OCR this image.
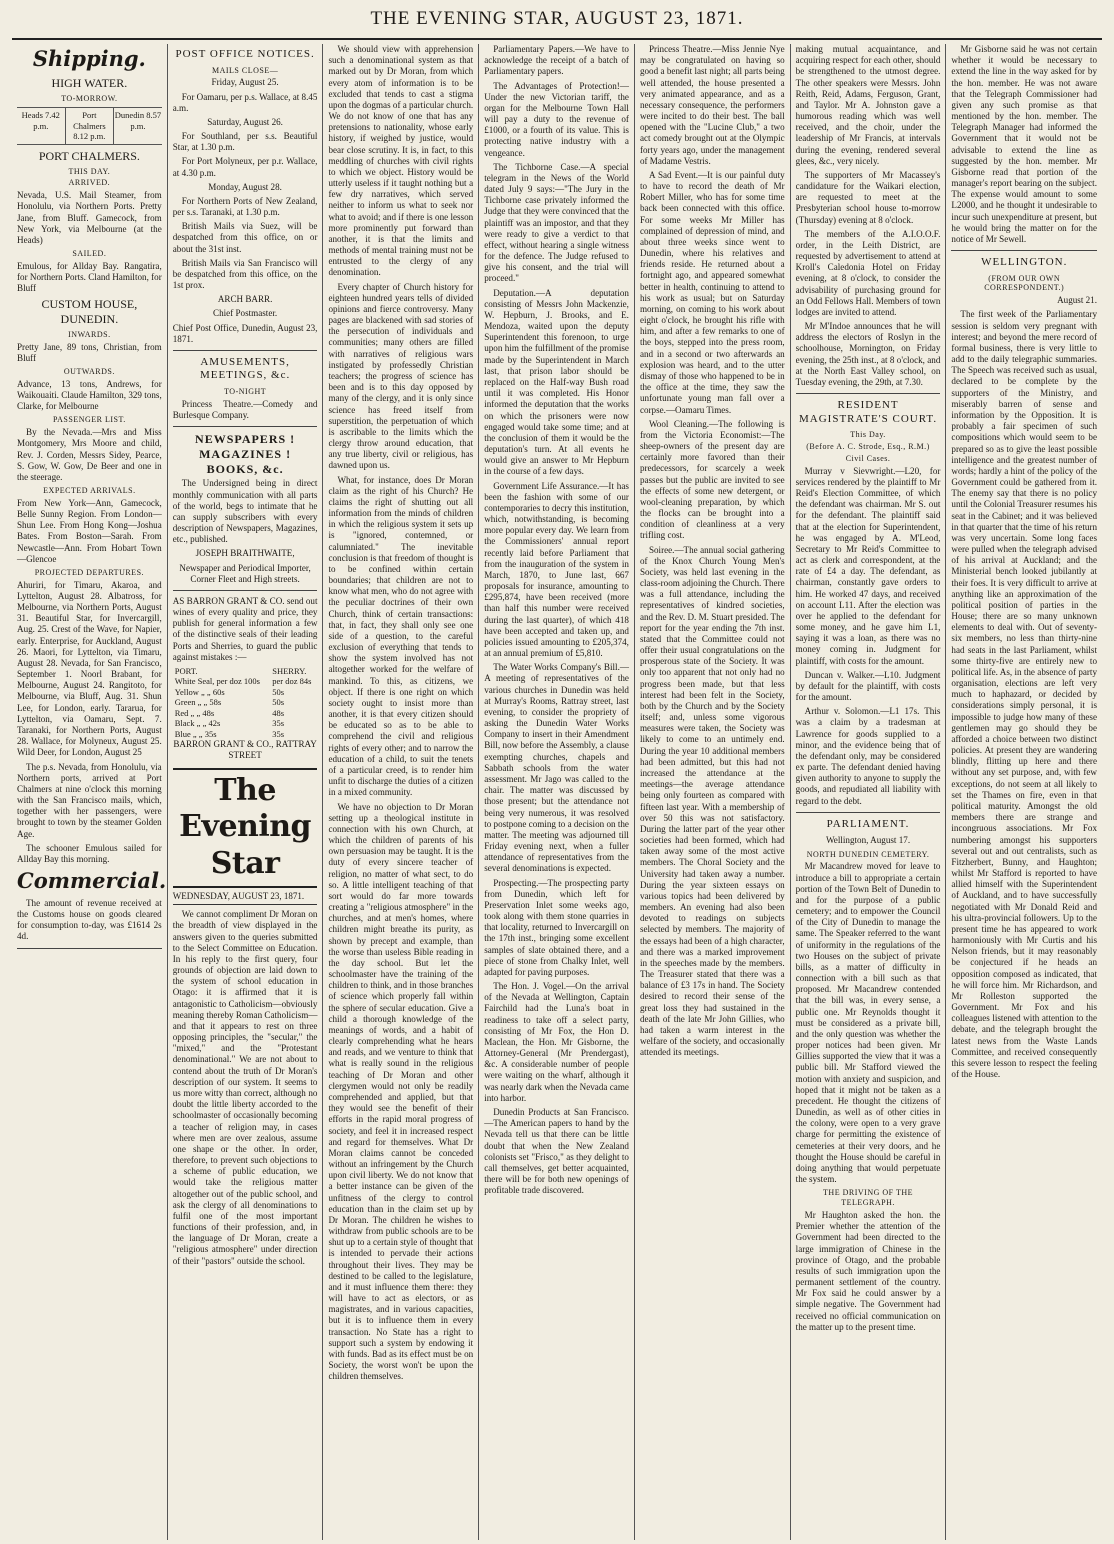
THE EVENING STAR, AUGUST 23, 1871.
Shipping.
HIGH WATER.
TO-MORROW.
Heads 7.42 p.m.
Port Chalmers 8.12 p.m.
Dunedin 8.57 p.m.
PORT CHALMERS.
THIS DAY.
ARRIVED.

Nevada, U.S. Mail Steamer, from Honolulu, via Northern Ports. Pretty Jane, from Bluff. Gamecock, from New York, via Melbourne (at the Heads)

SAILED.

Emulous, for Allday Bay. Rangatira, for Northern Ports. Cland Hamilton, for Bluff

CUSTOM HOUSE, DUNEDIN.
INWARDS.

Pretty Jane, 89 tons, Christian, from Bluff

OUTWARDS.

Advance, 13 tons, Andrews, for Waikouaiti. Claude Hamilton, 329 tons, Clarke, for Melbourne

PASSENGER LIST.

By the Nevada.—Mrs and Miss Montgomery, Mrs Moore and child, Rev. J. Corden, Messrs Sidey, Pearce, S. Gow, W. Gow, De Beer and one in the steerage.

EXPECTED ARRIVALS.

From New York—Ann, Gamecock, Belle Sunny Region. From London—Shun Lee. From Hong Kong—Joshua Bates. From Boston—Sarah. From Newcastle—Ann. From Hobart Town—Glencoe

PROJECTED DEPARTURES.

Ahuriri, for Timaru, Akaroa, and Lyttelton, August 28. Albatross, for Melbourne, via Northern Ports, August 31. Beautiful Star, for Invercargill, Aug. 25. Crest of the Wave, for Napier, early. Enterprise, for Auckland, August 26. Maori, for Lyttelton, via Timaru, August 28. Nevada, for San Francisco, September 1. Noorl Brabant, for Melbourne, August 24. Rangitoto, for Melbourne, via Bluff, Aug. 31. Shun Lee, for London, early. Tararua, for Lyttelton, via Oamaru, Sept. 7. Taranaki, for Northern Ports, August 28. Wallace, for Molyneux, August 25. Wild Deer, for London, August 25

The p.s. Nevada, from Honolulu, via Northern ports, arrived at Port Chalmers at nine o'clock this morning with the San Francisco mails, which, together with her passengers, were brought to town by the steamer Golden Age.

The schooner Emulous sailed for Allday Bay this morning.

Commercial.

The amount of revenue received at the Customs house on goods cleared for consumption to-day, was £1614 2s 4d.

POST OFFICE NOTICES.
MAILS CLOSE—

Friday, August 25.

For Oamaru, per p.s. Wallace, at 8.45 a.m.

Saturday, August 26.

For Southland, per s.s. Beautiful Star, at 1.30 p.m.

For Port Molyneux, per p.r. Wallace, at 4.30 p.m.

Monday, August 28.

For Northern Ports of New Zealand, per s.s. Taranaki, at 1.30 p.m.

British Mails via Suez, will be despatched from this office, on or about the 31st inst.

British Mails via San Francisco will be despatched from this office, on the 1st prox.

ARCH BARR.

Chief Postmaster.

Chief Post Office, Dunedin, August 23, 1871.

AMUSEMENTS, MEETINGS, &c.
TO-NIGHT

Princess Theatre.—Comedy and Burlesque Company.

NEWSPAPERS ! MAGAZINES ! BOOKS, &c.

The Undersigned being in direct monthly communication with all parts of the world, begs to intimate that he can supply subscribers with every description of Newspapers, Magazines, etc., published.

JOSEPH BRAITHWAITE,

Newspaper and Periodical Importer, Corner Fleet and High streets.

AS BARRON GRANT & CO. send out wines of every quality and price, they publish for general information a few of the distinctive seals of their leading Ports and Sherries, to guard the public against mistakes :—

PORT.	SHERRY.
White Seal, per doz 100s	per doz 84s
Yellow „ „ 60s	50s
Green „ „ 58s	50s
Red „ „ 48s	48s
Black „ „ 42s	35s
Blue „ „ 35s	35s

BARRON GRANT & CO., RATTRAY STREET

The Evening Star
WEDNESDAY, AUGUST 23, 1871.

We cannot compliment Dr Moran on the breadth of view displayed in the answers given to the queries submitted to the Select Committee on Education. In his reply to the first query, four grounds of objection are laid down to the system of school education in Otago: it is affirmed that it is antagonistic to Catholicism—obviously meaning thereby Roman Catholicism—and that it appears to rest on three opposing principles, the "secular," the "mixed," and the "Protestant denominational." We are not about to contend about the truth of Dr Moran's description of our system. It seems to us more witty than correct, although no doubt the little liberty accorded to the schoolmaster of occasionally becoming a teacher of religion may, in cases where men are over zealous, assume one shape or the other. In order, therefore, to prevent such objections to a scheme of public education, we would take the religious matter altogether out of the public school, and ask the clergy of all denominations to fulfil one of the most important functions of their profession, and, in the language of Dr Moran, create a "religious atmosphere" under direction of their "pastors" outside the school.

We should view with apprehension such a denominational system as that marked out by Dr Moran, from which every atom of information is to be excluded that tends to cast a stigma upon the dogmas of a particular church. We do not know of one that has any pretensions to nationality, whose early history, if weighed by justice, would bear close scrutiny. It is, in fact, to this meddling of churches with civil rights to which we object. History would be utterly useless if it taught nothing but a few dry narratives, which served neither to inform us what to seek nor what to avoid; and if there is one lesson more prominently put forward than another, it is that the limits and methods of mental training must not be entrusted to the clergy of any denomination.

Every chapter of Church history for eighteen hundred years tells of divided opinions and fierce controversy. Many pages are blackened with sad stories of the persecution of individuals and communities; many others are filled with narratives of religious wars instigated by professedly Christian teachers; the progress of science has been and is to this day opposed by many of the clergy, and it is only since science has freed itself from superstition, the perpetuation of which is ascribable to the limits which the clergy throw around education, that any true liberty, civil or religious, has dawned upon us.

What, for instance, does Dr Moran claim as the right of his Church? He claims the right of shutting out all information from the minds of children in which the religious system it sets up is "ignored, contemned, or calumniated." The inevitable conclusion is that freedom of thought is to be confined within certain boundaries; that children are not to know what men, who do not agree with the peculiar doctrines of their own Church, think of certain transactions: that, in fact, they shall only see one side of a question, to the careful exclusion of everything that tends to show the system involved has not altogether worked for the welfare of mankind. To this, as citizens, we object. If there is one right on which society ought to insist more than another, it is that every citizen should be educated so as to be able to comprehend the civil and religious rights of every other; and to narrow the education of a child, to suit the tenets of a particular creed, is to render him unfit to discharge the duties of a citizen in a mixed community.

We have no objection to Dr Moran setting up a theological institute in connection with his own Church, at which the children of parents of his own persuasion may be taught. It is the duty of every sincere teacher of religion, no matter of what sect, to do so. A little intelligent teaching of that sort would do far more towards creating a "religious atmosphere" in the churches, and at men's homes, where children might breathe its purity, as shown by precept and example, than the worse than useless Bible reading in the day school. But let the schoolmaster have the training of the children to think, and in those branches of science which properly fall within the sphere of secular education. Give a child a thorough knowledge of the meanings of words, and a habit of clearly comprehending what he hears and reads, and we venture to think that what is really sound in the religious teaching of Dr Moran and other clergymen would not only be readily comprehended and applied, but that they would see the benefit of their efforts in the rapid moral progress of society, and feel it in increased respect and regard for themselves. What Dr Moran claims cannot be conceded without an infringement by the Church upon civil liberty. We do not know that a better instance can be given of the unfitness of the clergy to control education than in the claim set up by Dr Moran. The children he wishes to withdraw from public schools are to be shut up to a certain style of thought that is intended to pervade their actions throughout their lives. They may be destined to be called to the legislature, and it must influence them there: they will have to act as electors, or as magistrates, and in various capacities, but it is to influence them in every transaction. No State has a right to support such a system by endowing it with funds. Bad as its effect must be on Society, the worst won't be upon the children themselves.

Parliamentary Papers.—We have to acknowledge the receipt of a batch of Parliamentary papers.

The Advantages of Protection!—Under the new Victorian tariff, the organ for the Melbourne Town Hall will pay a duty to the revenue of £1000, or a fourth of its value. This is protecting native industry with a vengeance.

The Tichborne Case.—A special telegram in the News of the World dated July 9 says:—"The Jury in the Tichborne case privately informed the Judge that they were convinced that the plaintiff was an impostor, and that they were ready to give a verdict to that effect, without hearing a single witness for the defence. The Judge refused to give his consent, and the trial will proceed."

Deputation.—A deputation consisting of Messrs John Mackenzie, W. Hepburn, J. Brooks, and E. Mendoza, waited upon the deputy Superintendent this forenoon, to urge upon him the fulfillment of the promise made by the Superintendent in March last, that prison labor should be replaced on the Half-way Bush road until it was completed. His Honor informed the deputation that the works on which the prisoners were now engaged would take some time; and at the conclusion of them it would be the deputation's turn. At all events he would give an answer to Mr Hepburn in the course of a few days.

Government Life Assurance.—It has been the fashion with some of our contemporaries to decry this institution, which, notwithstanding, is becoming more popular every day. We learn from the Commissioners' annual report recently laid before Parliament that from the inauguration of the system in March, 1870, to June last, 667 proposals for insurance, amounting to £295,874, have been received (more than half this number were received during the last quarter), of which 418 have been accepted and taken up, and policies issued amounting to £205,374, at an annual premium of £5,810.

The Water Works Company's Bill.—A meeting of representatives of the various churches in Dunedin was held at Murray's Rooms, Rattray street, last evening, to consider the propriety of asking the Dunedin Water Works Company to insert in their Amendment Bill, now before the Assembly, a clause exempting churches, chapels and Sabbath schools from the water assessment. Mr Jago was called to the chair. The matter was discussed by those present; but the attendance not being very numerous, it was resolved to postpone coming to a decision on the matter. The meeting was adjourned till Friday evening next, when a fuller attendance of representatives from the several denominations is expected.

Prospecting.—The prospecting party from Dunedin, which left for Preservation Inlet some weeks ago, took along with them stone quarries in that locality, returned to Invercargill on the 17th inst., bringing some excellent samples of slate obtained there, and a piece of stone from Chalky Inlet, well adapted for paving purposes.

The Hon. J. Vogel.—On the arrival of the Nevada at Wellington, Captain Fairchild had the Luna's boat in readiness to take off a select party, consisting of Mr Fox, the Hon D. Maclean, the Hon. Mr Gisborne, the Attorney-General (Mr Prendergast), &c. A considerable number of people were waiting on the wharf, although it was nearly dark when the Nevada came into harbor.

Dunedin Products at San Francisco.—The American papers to hand by the Nevada tell us that there can be little doubt that when the New Zealand colonists set "Frisco," as they delight to call themselves, get better acquainted, there will be for both new openings of profitable trade discovered.

Princess Theatre.—Miss Jennie Nye may be congratulated on having so good a benefit last night; all parts being well attended, the house presented a very animated appearance, and as a necessary consequence, the performers were incited to do their best. The ball opened with the "Lucine Club," a two act comedy brought out at the Olympic forty years ago, under the management of Madame Vestris.

A Sad Event.—It is our painful duty to have to record the death of Mr Robert Miller, who has for some time back been connected with this office. For some weeks Mr Miller has complained of depression of mind, and about three weeks since went to Dunedin, where his relatives and friends reside. He returned about a fortnight ago, and appeared somewhat better in health, continuing to attend to his work as usual; but on Saturday morning, on coming to his work about eight o'clock, he brought his rifle with him, and after a few remarks to one of the boys, stepped into the press room, and in a second or two afterwards an explosion was heard, and to the utter dismay of those who happened to be in the office at the time, they saw the unfortunate young man fall over a corpse.—Oamaru Times.

Wool Cleaning.—The following is from the Victoria Economist:—The sheep-owners of the present day are certainly more favored than their predecessors, for scarcely a week passes but the public are invited to see the effects of some new detergent, or wool-cleaning preparation, by which the flocks can be brought into a condition of cleanliness at a very trifling cost.

Soiree.—The annual social gathering of the Knox Church Young Men's Society, was held last evening in the class-room adjoining the Church. There was a full attendance, including the representatives of kindred societies, and the Rev. D. M. Stuart presided. The report for the year ending the 7th inst. stated that the Committee could not offer their usual congratulations on the prosperous state of the Society. It was only too apparent that not only had no progress been made, but that less interest had been felt in the Society, both by the Church and by the Society itself; and, unless some vigorous measures were taken, the Society was likely to come to an untimely end. During the year 10 additional members had been admitted, but this had not increased the attendance at the meetings—the average attendance being only fourteen as compared with fifteen last year. With a membership of over 50 this was not satisfactory. During the latter part of the year other societies had been formed, which had taken away some of the most active members. The Choral Society and the University had taken away a number. During the year sixteen essays on various topics had been delivered by members. An evening had also been devoted to readings on subjects selected by members. The majority of the essays had been of a high character, and there was a marked improvement in the speeches made by the members. The Treasurer stated that there was a balance of £3 17s in hand. The Society desired to record their sense of the great loss they had sustained in the death of the late Mr John Gillies, who had taken a warm interest in the welfare of the society, and occasionally attended its meetings.

making mutual acquaintance, and acquiring respect for each other, should be strengthened to the utmost degree. The other speakers were Messrs. John Reith, Reid, Adams, Ferguson, Grant, and Taylor. Mr A. Johnston gave a humorous reading which was well received, and the choir, under the leadership of Mr Francis, at intervals during the evening, rendered several glees, &c., very nicely.

The supporters of Mr Macassey's candidature for the Waikari election, are requested to meet at the Presbyterian school house to-morrow (Thursday) evening at 8 o'clock.

The members of the A.I.O.O.F. order, in the Leith District, are requested by advertisement to attend at Kroll's Caledonia Hotel on Friday evening, at 8 o'clock, to consider the advisability of purchasing ground for an Odd Fellows Hall. Members of town lodges are invited to attend.

Mr M'Indoe announces that he will address the electors of Roslyn in the schoolhouse, Mornington, on Friday evening, the 25th inst., at 8 o'clock, and at the North East Valley school, on Tuesday evening, the 29th, at 7.30.

RESIDENT MAGISTRATE'S COURT.
This Day.
(Before A. C. Strode, Esq., R.M.)
Civil Cases.

Murray v Sievwright.—L20, for services rendered by the plaintiff to Mr Reid's Election Committee, of which the defendant was chairman. Mr S. out for the defendant. The plaintiff said that at the election for Superintendent, he was engaged by A. M'Leod, Secretary to Mr Reid's Committee to act as clerk and correspondent, at the rate of £4 a day. The defendant, as chairman, constantly gave orders to him. He worked 47 days, and received on account L11. After the election was over he applied to the defendant for some money, and he gave him L1, saying it was a loan, as there was no money coming in. Judgment for plaintiff, with costs for the amount.

Duncan v. Walker.—L10. Judgment by default for the plaintiff, with costs for the amount.

Arthur v. Solomon.—L1 17s. This was a claim by a tradesman at Lawrence for goods supplied to a minor, and the evidence being that of the defendant only, may be considered ex parte. The defendant denied having given authority to anyone to supply the goods, and repudiated all liability with regard to the debt.

PARLIAMENT.

Wellington, August 17.

NORTH DUNEDIN CEMETERY.

Mr Macandrew moved for leave to introduce a bill to appropriate a certain portion of the Town Belt of Dunedin to and for the purpose of a public cemetery; and to empower the Council of the City of Dunedin to manage the same. The Speaker referred to the want of uniformity in the regulations of the two Houses on the subject of private bills, as a matter of difficulty in connection with a bill such as that proposed. Mr Macandrew contended that the bill was, in every sense, a public one. Mr Reynolds thought it must be considered as a private bill, and the only question was whether the proper notices had been given. Mr Gillies supported the view that it was a public bill. Mr Stafford viewed the motion with anxiety and suspicion, and hoped that it might not be taken as a precedent. He thought the citizens of Dunedin, as well as of other cities in the colony, were open to a very grave charge for permitting the existence of cemeteries at their very doors, and he thought the House should be careful in doing anything that would perpetuate the system.

THE DRIVING OF THE TELEGRAPH.

Mr Haughton asked the hon. the Premier whether the attention of the Government had been directed to the large immigration of Chinese in the province of Otago, and the probable results of such immigration upon the permanent settlement of the country. Mr Fox said he could answer by a simple negative. The Government had received no official communication on the matter up to the present time.

Mr Gisborne said he was not certain whether it would be necessary to extend the line in the way asked for by the hon. member. He was not aware that the Telegraph Commissioner had given any such promise as that mentioned by the hon. member. The Telegraph Manager had informed the Government that it would not be advisable to extend the line as suggested by the hon. member. Mr Gisborne read that portion of the manager's report bearing on the subject. The expense would amount to some L2000, and he thought it undesirable to incur such unexpenditure at present, but he would bring the matter on for the notice of Mr Sewell.

WELLINGTON.
(FROM OUR OWN CORRESPONDENT.)

August 21.

The first week of the Parliamentary session is seldom very pregnant with interest; and beyond the mere record of formal business, there is very little to add to the daily telegraphic summaries. The Speech was received such as usual, declared to be complete by the supporters of the Ministry, and miserably barren of sense and information by the Opposition. It is probably a fair specimen of such compositions which would seem to be prepared so as to give the least possible intelligence and the greatest number of words; hardly a hint of the policy of the Government could be gathered from it. The enemy say that there is no policy until the Colonial Treasurer resumes his seat in the Cabinet; and it was believed in that quarter that the time of his return was very uncertain. Some long faces were pulled when the telegraph advised of his arrival at Auckland; and the Ministerial bench looked jubilantly at their foes. It is very difficult to arrive at anything like an approximation of the political position of parties in the House; there are so many unknown elements to deal with. Out of seventy-six members, no less than thirty-nine had seats in the last Parliament, whilst some thirty-five are entirely new to political life. As, in the absence of party organisation, elections are left very much to haphazard, or decided by considerations simply personal, it is impossible to judge how many of these gentlemen may go should they be afforded a choice between two distinct policies. At present they are wandering blindly, flitting up here and there without any set purpose, and, with few exceptions, do not seem at all likely to set the Thames on fire, even in that political maturity. Amongst the old members there are strange and incongruous associations. Mr Fox numbering amongst his supporters several out and out centralists, such as Fitzherbert, Bunny, and Haughton; whilst Mr Stafford is reported to have allied himself with the Superintendent of Auckland, and to have successfully negotiated with Mr Donald Reid and his ultra-provincial followers. Up to the present time he has appeared to work harmoniously with Mr Curtis and his Nelson friends, but it may reasonably be conjectured if he heads an opposition composed as indicated, that he will force him. Mr Richardson, and Mr Rolleston supported the Government. Mr Fox and his colleagues listened with attention to the debate, and the telegraph brought the latest news from the Waste Lands Committee, and received consequently this severe lesson to respect the feeling of the House.
